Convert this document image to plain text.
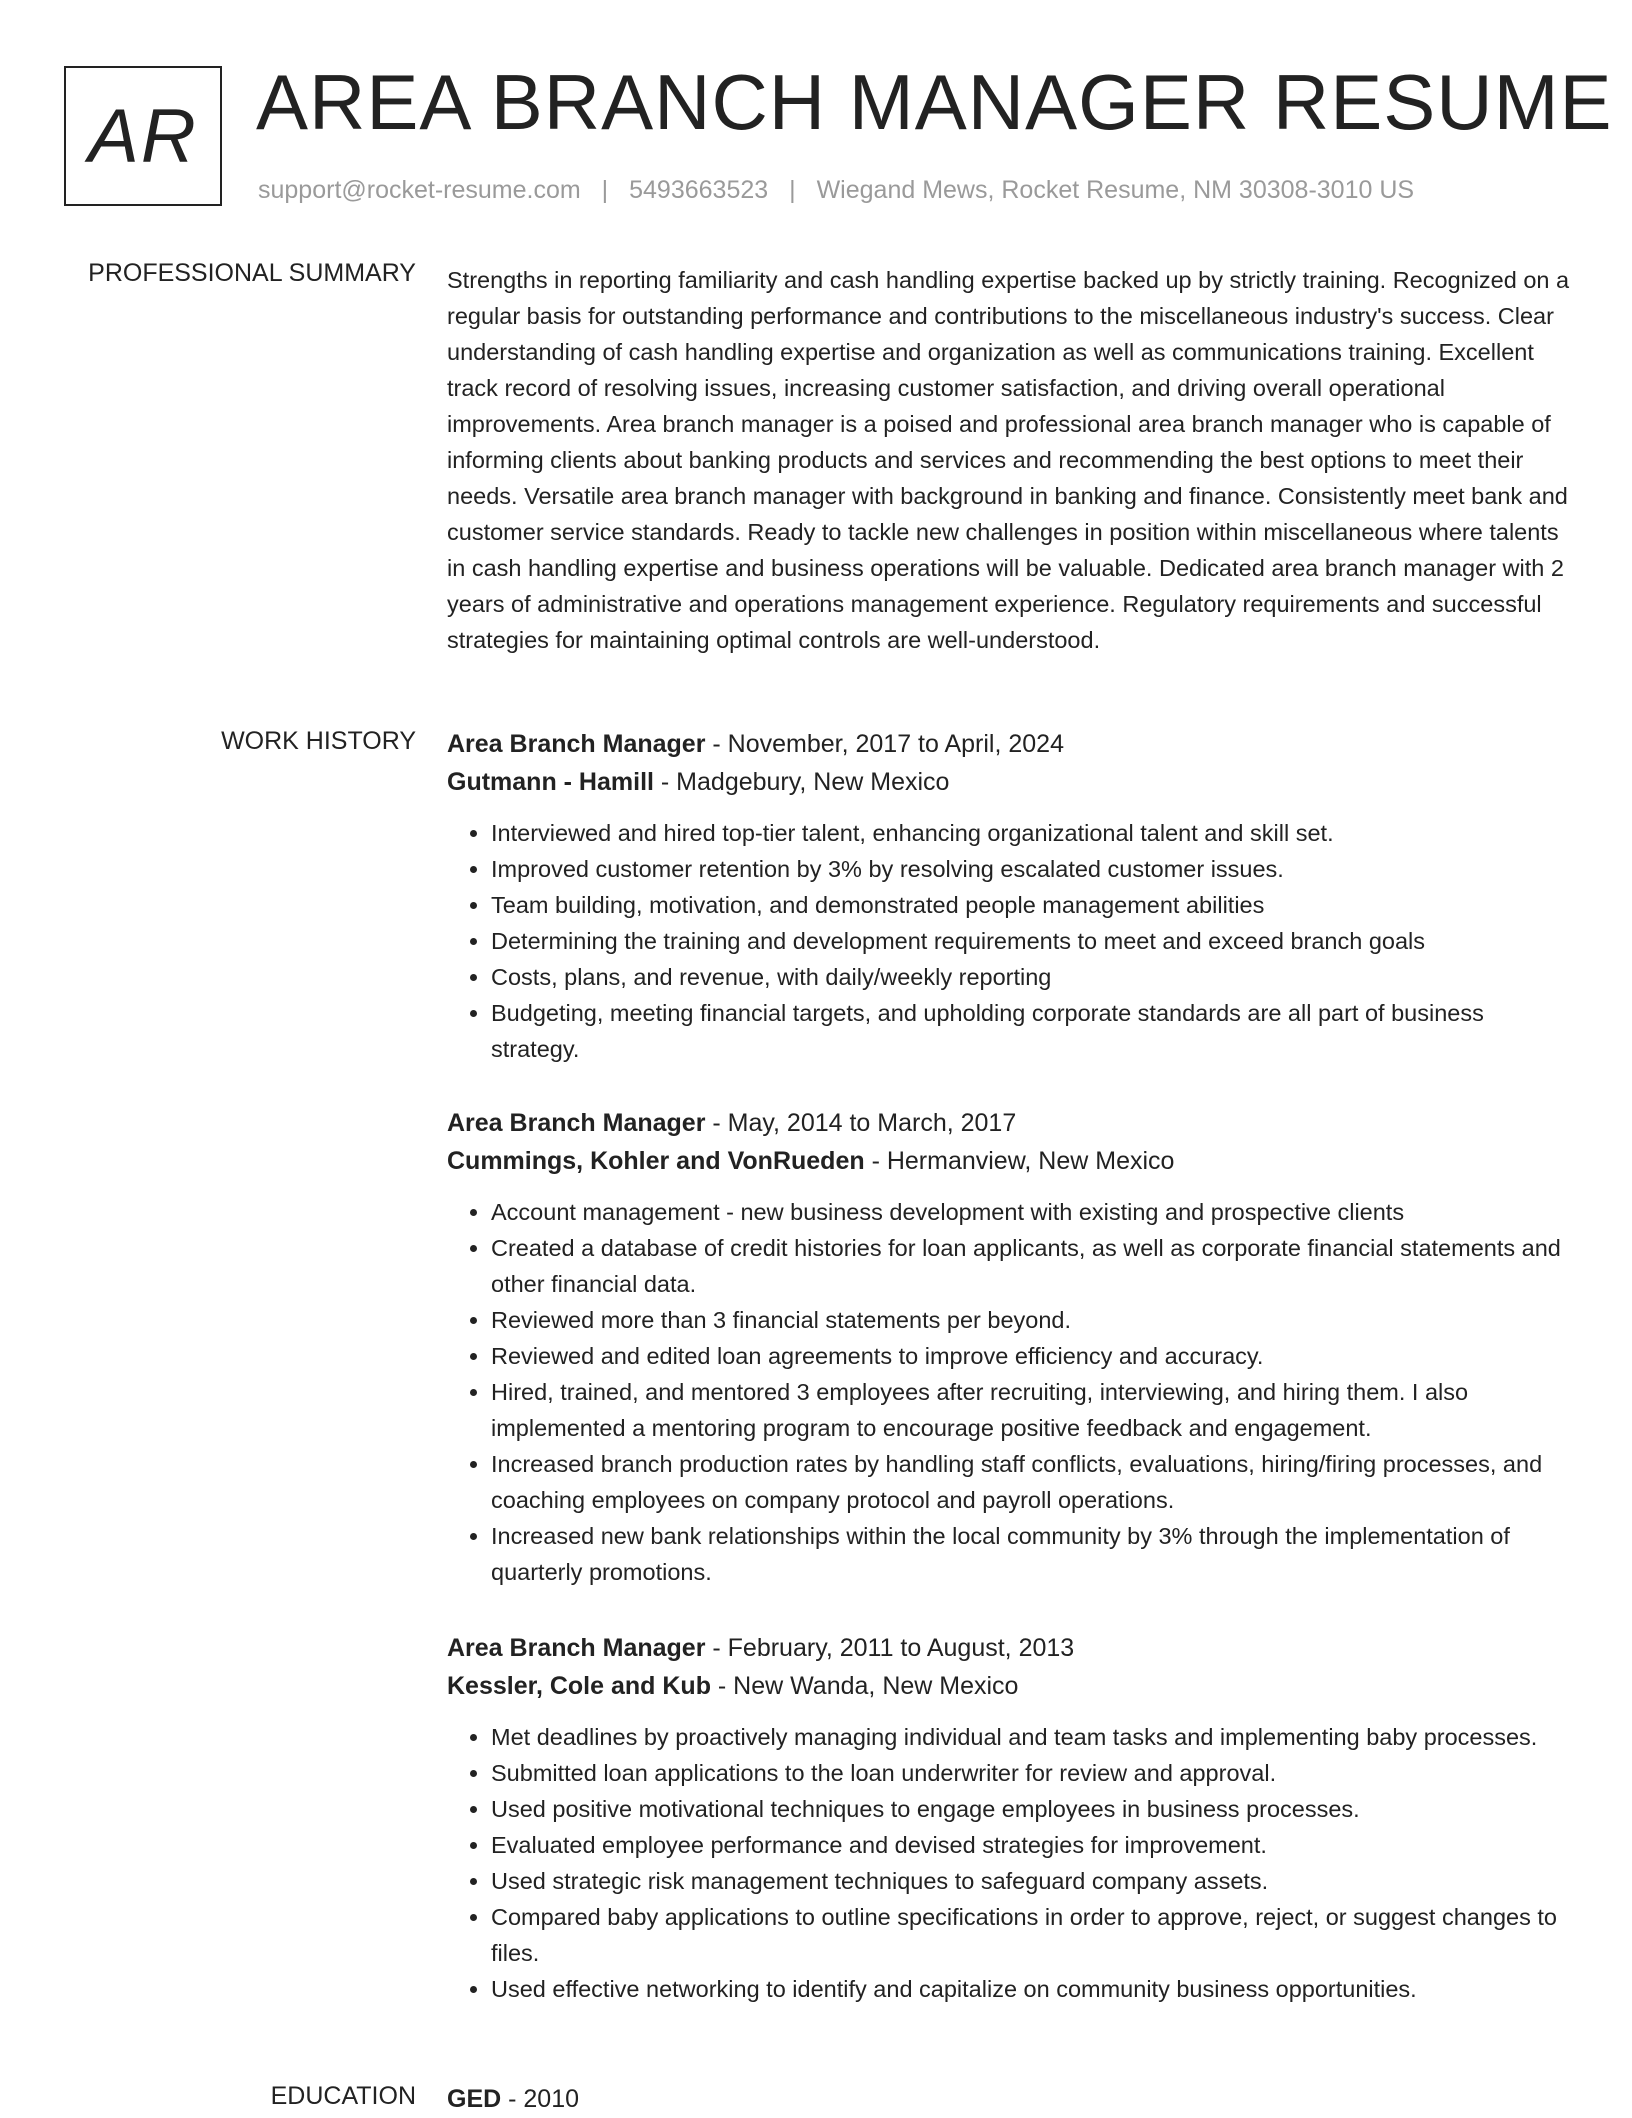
AR AREA BRANCH MANAGER RESUME
support@rocket-resume.com | 5493663523 | Wiegand Mews, Rocket Resume, NM 30308-3010 US
PROFESSIONAL SUMMARY Strengths in reporting familiarity and cash handling expertise backed up by strictly training. Recognized on a regular basis for outstanding performance and contributions to the miscellaneous industry's success. Clear understanding of cash handling expertise and organization as well as communications training. Excellent track record of resolving issues, increasing customer satisfaction, and driving overall operational improvements. Area branch manager is a poised and professional area branch manager who is capable of informing clients about banking products and services and recommending the best options to meet their needs. Versatile area branch manager with background in banking and finance. Consistently meet bank and customer service standards. Ready to tackle new challenges in position within miscellaneous where talents in cash handling expertise and business operations will be valuable. Dedicated area branch manager with 2 years of administrative and operations management experience. Regulatory requirements and successful strategies for maintaining optimal controls are well-understood.

WORK HISTORY Area Branch Manager - November, 2017 to April, 2024
Gutmann - Hamill - Madgebury, New Mexico
• Interviewed and hired top-tier talent, enhancing organizational talent and skill set.
• Improved customer retention by 3% by resolving escalated customer issues.
• Team building, motivation, and demonstrated people management abilities
• Determining the training and development requirements to meet and exceed branch goals
• Costs, plans, and revenue, with daily/weekly reporting
• Budgeting, meeting financial targets, and upholding corporate standards are all part of business strategy.
Area Branch Manager - May, 2014 to March, 2017
Cummings, Kohler and VonRueden - Hermanview, New Mexico
• Account management - new business development with existing and prospective clients
• Created a database of credit histories for loan applicants, as well as corporate financial statements and other financial data.
• Reviewed more than 3 financial statements per beyond.
• Reviewed and edited loan agreements to improve efficiency and accuracy.
• Hired, trained, and mentored 3 employees after recruiting, interviewing, and hiring them. I also implemented a mentoring program to encourage positive feedback and engagement.
• Increased branch production rates by handling staff conflicts, evaluations, hiring/firing processes, and coaching employees on company protocol and payroll operations.
• Increased new bank relationships within the local community by 3% through the implementation of quarterly promotions.
Area Branch Manager - February, 2011 to August, 2013
Kessler, Cole and Kub - New Wanda, New Mexico
• Met deadlines by proactively managing individual and team tasks and implementing baby processes.
• Submitted loan applications to the loan underwriter for review and approval.
• Used positive motivational techniques to engage employees in business processes.
• Evaluated employee performance and devised strategies for improvement.
• Used strategic risk management techniques to safeguard company assets.
• Compared baby applications to outline specifications in order to approve, reject, or suggest changes to files.
• Used effective networking to identify and capitalize on community business opportunities.
EDUCATION GED - 2010
